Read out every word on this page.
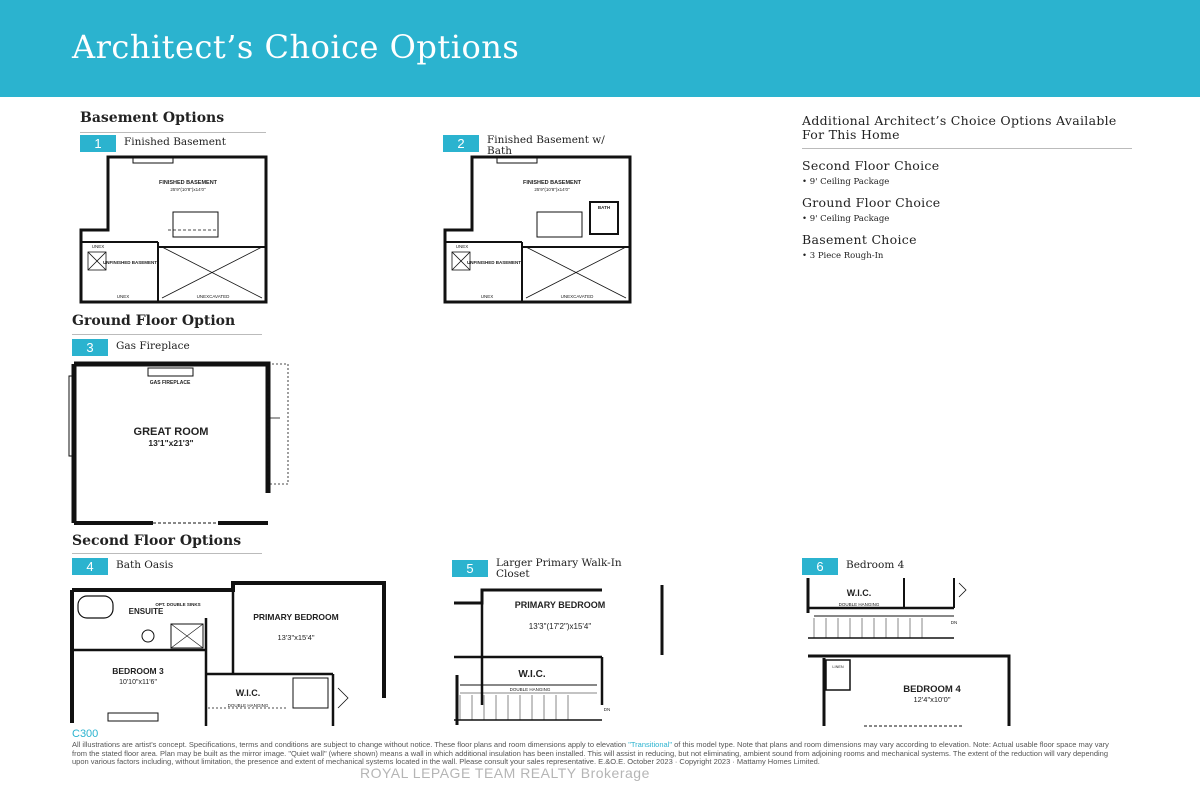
Architect’s Choice Options
Basement Options
Ground Floor Option
Second Floor Options
1	Finished Basement	2	Finished Basement w/ Bath
3	Gas Fireplace
4	Bath Oasis	5	Larger Primary Walk-In Closet	6	Bedroom 4
FINISHED BASEMENT
25'9"(10'8")x14'0"
UNFINISHED BASEMENT
UNEX
UNEX	UNEXCAVATED
FINISHED BASEMENT
25'9"(10'8")x14'0"
BATH
UNFINISHED BASEMENT
UNEX
UNEX	UNEXCAVATED
GAS FIREPLACE
GREAT ROOM
13'1"x21'3"
OPT. DOUBLE SINKS
ENSUITE
PRIMARY BEDROOM
13'3"x15'4"
BEDROOM 3
10'10"x11'6"
W.I.C.
DOUBLE HANGING
PRIMARY BEDROOM
13'3"(17'2")x15'4"
W.I.C.
DOUBLE HANGING
DN
W.I.C.
DOUBLE HANGING
LINEN
DN
BEDROOM 4
12'4"x10'0"
Additional Architect’s Choice Options Available For This Home
Second Floor Choice
• 9' Ceiling Package
Ground Floor Choice
• 9' Ceiling Package
Basement Choice
• 3 Piece Rough-In
C300
All illustrations are artist's concept. Specifications, terms and conditions are subject to change without notice. These floor plans and room dimensions apply to elevation "Transitional" of this model type. Note that plans and room dimensions may vary according to elevation. Note: Actual usable floor space may vary from the stated floor area. Plan may be built as the mirror image. "Quiet wall" (where shown) means a wall in which additional insulation has been installed. This will assist in reducing, but not eliminating, ambient sound from adjoining rooms and mechanical systems. The extent of the reduction will vary depending upon various factors including, without limitation, the presence and extent of mechanical systems located in the wall. Please consult your sales representative. E.&O.E. October 2023 · Copyright 2023 · Mattamy Homes Limited.
ROYAL LEPAGE TEAM REALTY Brokerage
